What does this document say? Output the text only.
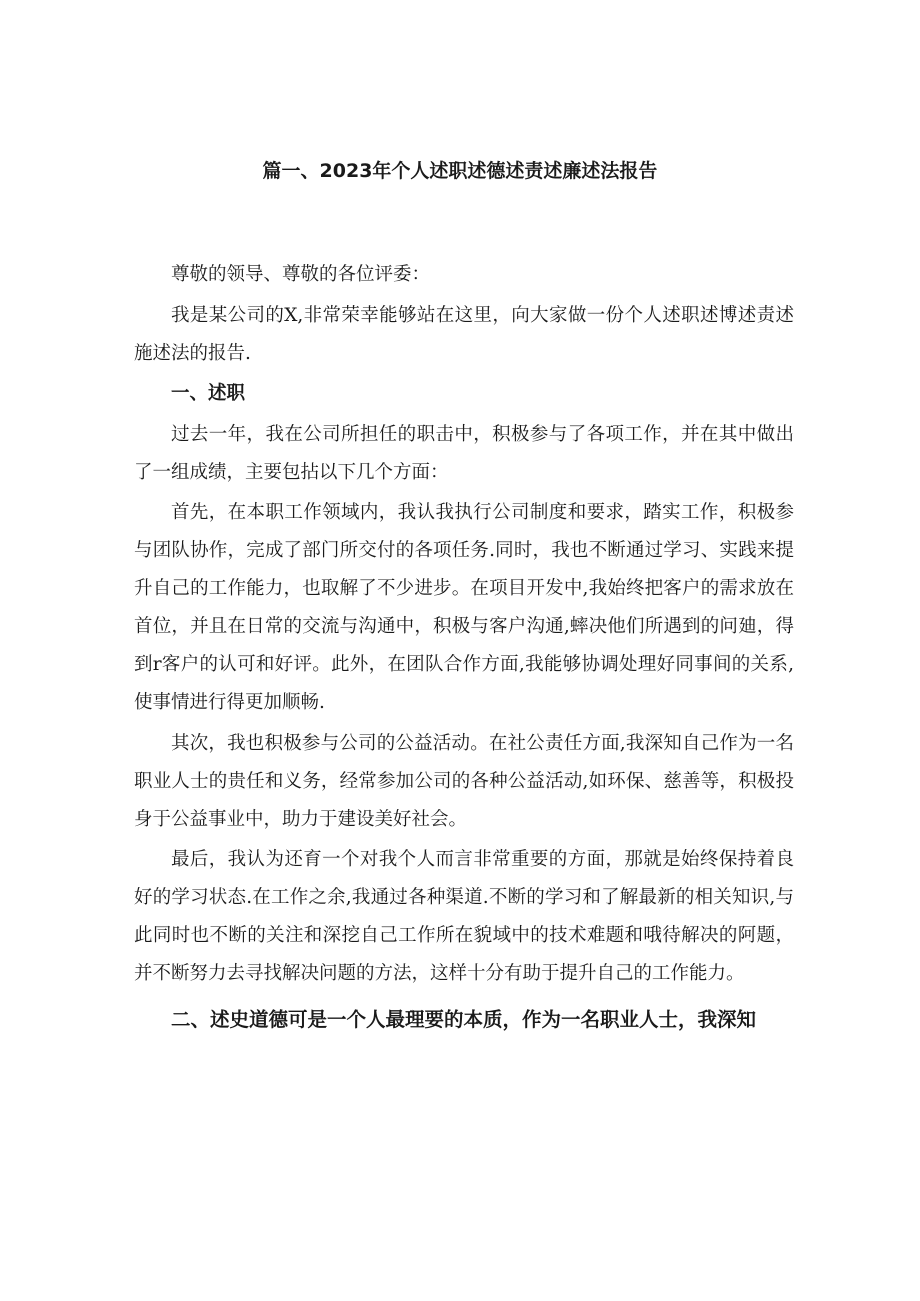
篇一、2023年个人述职述德述责述廉述法报告

尊敬的领导、尊敬的各位评委：

我是某公司的X,非常荣幸能够站在这里，向大家做一份个人述职述博述责述施述法的报告.

一、述职

过去一年，我在公司所担任的职击中，积极参与了各项工作，并在其中做出了一组成绩，主要包拈以下几个方面：

首先，在本职工作领域内，我认我执行公司制度和要求，踏实工作，积极参与团队协作，完成了部门所交付的各项任务.同时，我也不断通过学习、实践来提升自己的工作能力，也取解了不少进步。在项目开发中,我始终把客户的需求放在首位，并且在日常的交流与沟通中，积极与客户沟通,蟀决他们所遇到的问廸，得到r客户的认可和好评。此外，在团队合作方面,我能够协调处理好同事间的关系,使事情进行得更加顺畅.

其次，我也积极参与公司的公益活动。在社公责任方面,我深知自己作为一名职业人士的贵任和义务，经常参加公司的各种公益活动,如环保、慈善等，积极投身于公益事业中，助力于建设美好社会。

最后，我认为还育一个对我个人而言非常重要的方面，那就是始终保持着良好的学习状态.在工作之余,我通过各种渠道.不断的学习和了解最新的相关知识,与此同时也不断的关注和深挖自己工作所在貌域中的技术难题和哦待解决的阿题，并不断努力去寻找解决问题的方法，这样十分有助于提升自己的工作能力。

二、述史道德可是一个人最理要的本质，作为一名职业人士，我深知
